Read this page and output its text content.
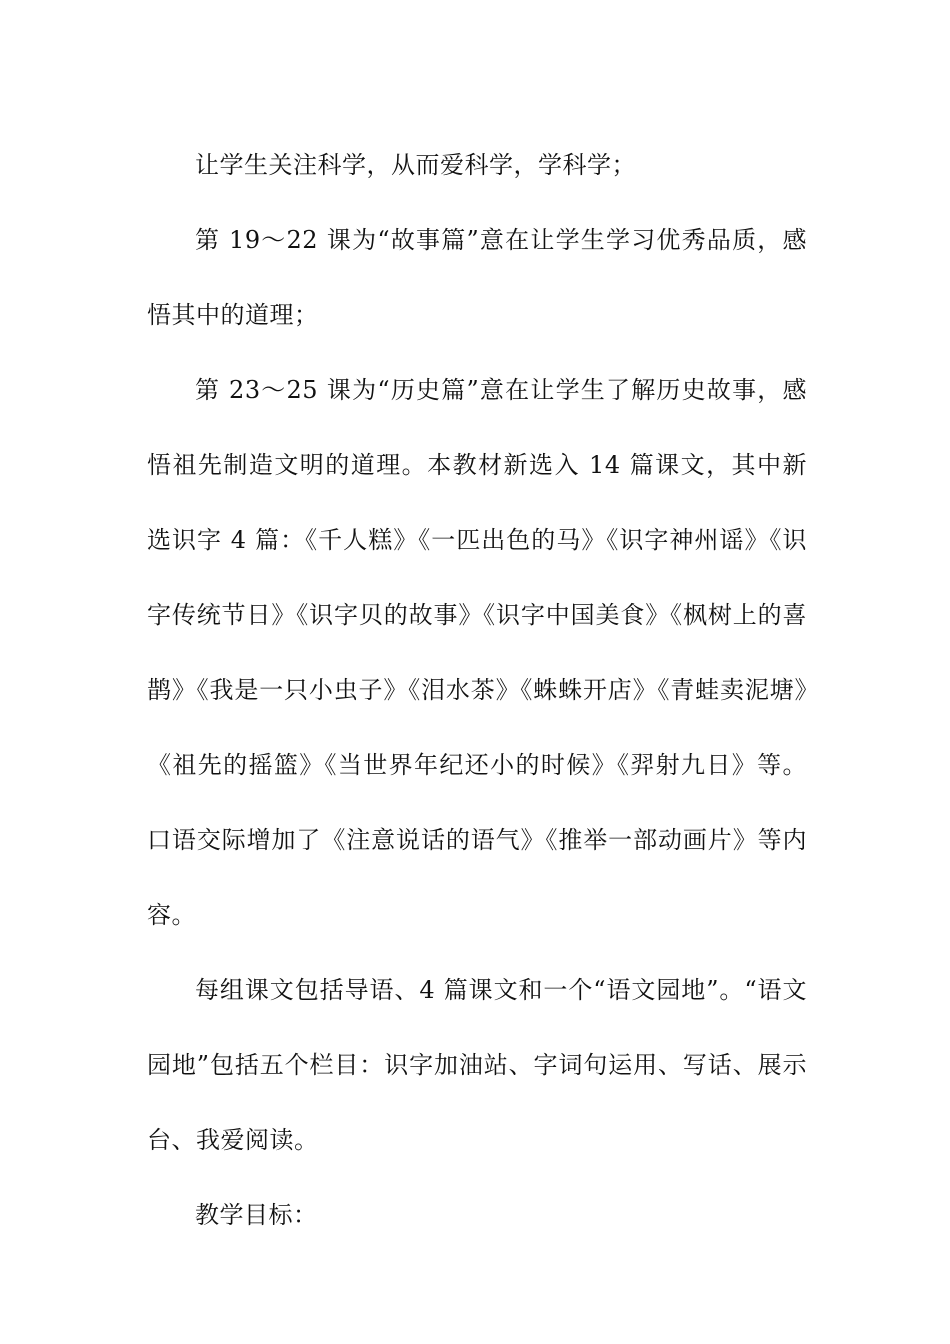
让学生关注科学，从而爱科学，学科学；

第 19～22 课为“故事篇”意在让学生学习优秀品质，感悟其中的道理；

第 23～25 课为“历史篇”意在让学生了解历史故事，感悟祖先制造文明的道理。本教材新选入 14 篇课文，其中新选识字 4 篇：《千人糕》《一匹出色的马》《识字神州谣》《识字传统节日》《识字贝的故事》《识字中国美食》《枫树上的喜鹊》《我是一只小虫子》《泪水茶》《蛛蛛开店》《青蛙卖泥塘》《祖先的摇篮》《当世界年纪还小的时候》《羿射九日》等。口语交际增加了《注意说话的语气》《推举一部动画片》等内容。

每组课文包括导语、4 篇课文和一个“语文园地”。“语文园地”包括五个栏目：识字加油站、字词句运用、写话、展示台、我爱阅读。

教学目标：
